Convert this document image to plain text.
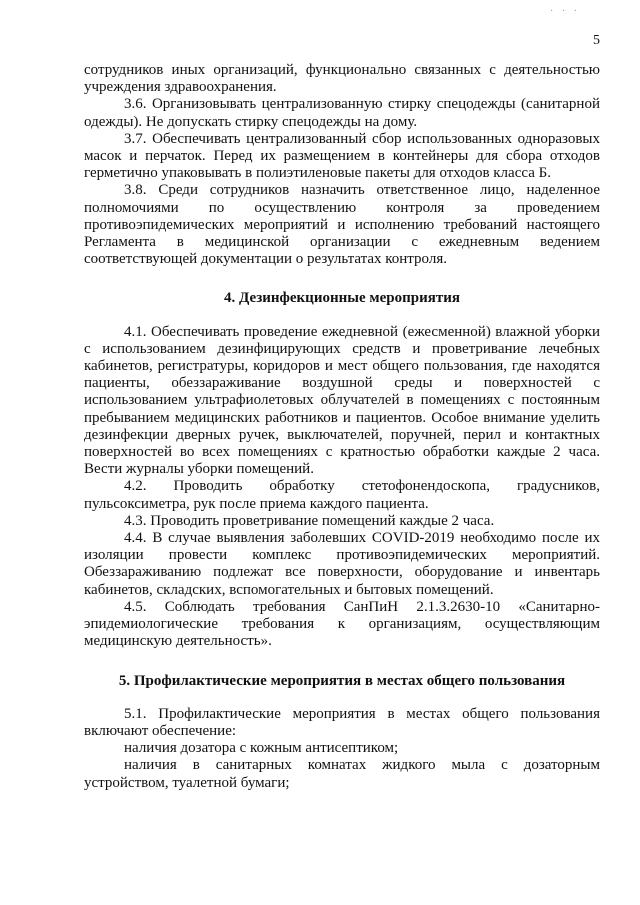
· · ·
5

сотрудников иных организаций, функционально связанных с деятельностью учреждения здравоохранения.

3.6. Организовывать централизованную стирку спецодежды (санитарной одежды). Не допускать стирку спецодежды на дому.

3.7. Обеспечивать централизованный сбор использованных одноразовых масок и перчаток. Перед их размещением в контейнеры для сбора отходов герметично упаковывать в полиэтиленовые пакеты для отходов класса Б.

3.8. Среди сотрудников назначить ответственное лицо, наделенное полномочиями по осуществлению контроля за проведением противоэпидемических мероприятий и исполнению требований настоящего Регламента в медицинской организации с ежедневным ведением соответствующей документации о результатах контроля.

4. Дезинфекционные мероприятия

4.1. Обеспечивать проведение ежедневной (ежесменной) влажной уборки с использованием дезинфицирующих средств и проветривание лечебных кабинетов, регистратуры, коридоров и мест общего пользования, где находятся пациенты, обеззараживание воздушной среды и поверхностей с использованием ультрафиолетовых облучателей в помещениях с постоянным пребыванием медицинских работников и пациентов. Особое внимание уделить дезинфекции дверных ручек, выключателей, поручней, перил и контактных поверхностей во всех помещениях с кратностью обработки каждые 2 часа. Вести журналы уборки помещений.

4.2. Проводить обработку стетофонендоскопа, градусников, пульсоксиметра, рук после приема каждого пациента.

4.3. Проводить проветривание помещений каждые 2 часа.

4.4. В случае выявления заболевших COVID-2019 необходимо после их изоляции провести комплекс противоэпидемических мероприятий. Обеззараживанию подлежат все поверхности, оборудование и инвентарь кабинетов, складских, вспомогательных и бытовых помещений.

4.5. Соблюдать требования СанПиН 2.1.3.2630-10 «Санитарно-эпидемиологические требования к организациям, осуществляющим медицинскую деятельность».

5. Профилактические мероприятия в местах общего пользования

5.1. Профилактические мероприятия в местах общего пользования включают обеспечение:

наличия дозатора с кожным антисептиком;

наличия в санитарных комнатах жидкого мыла с дозаторным устройством, туалетной бумаги;
